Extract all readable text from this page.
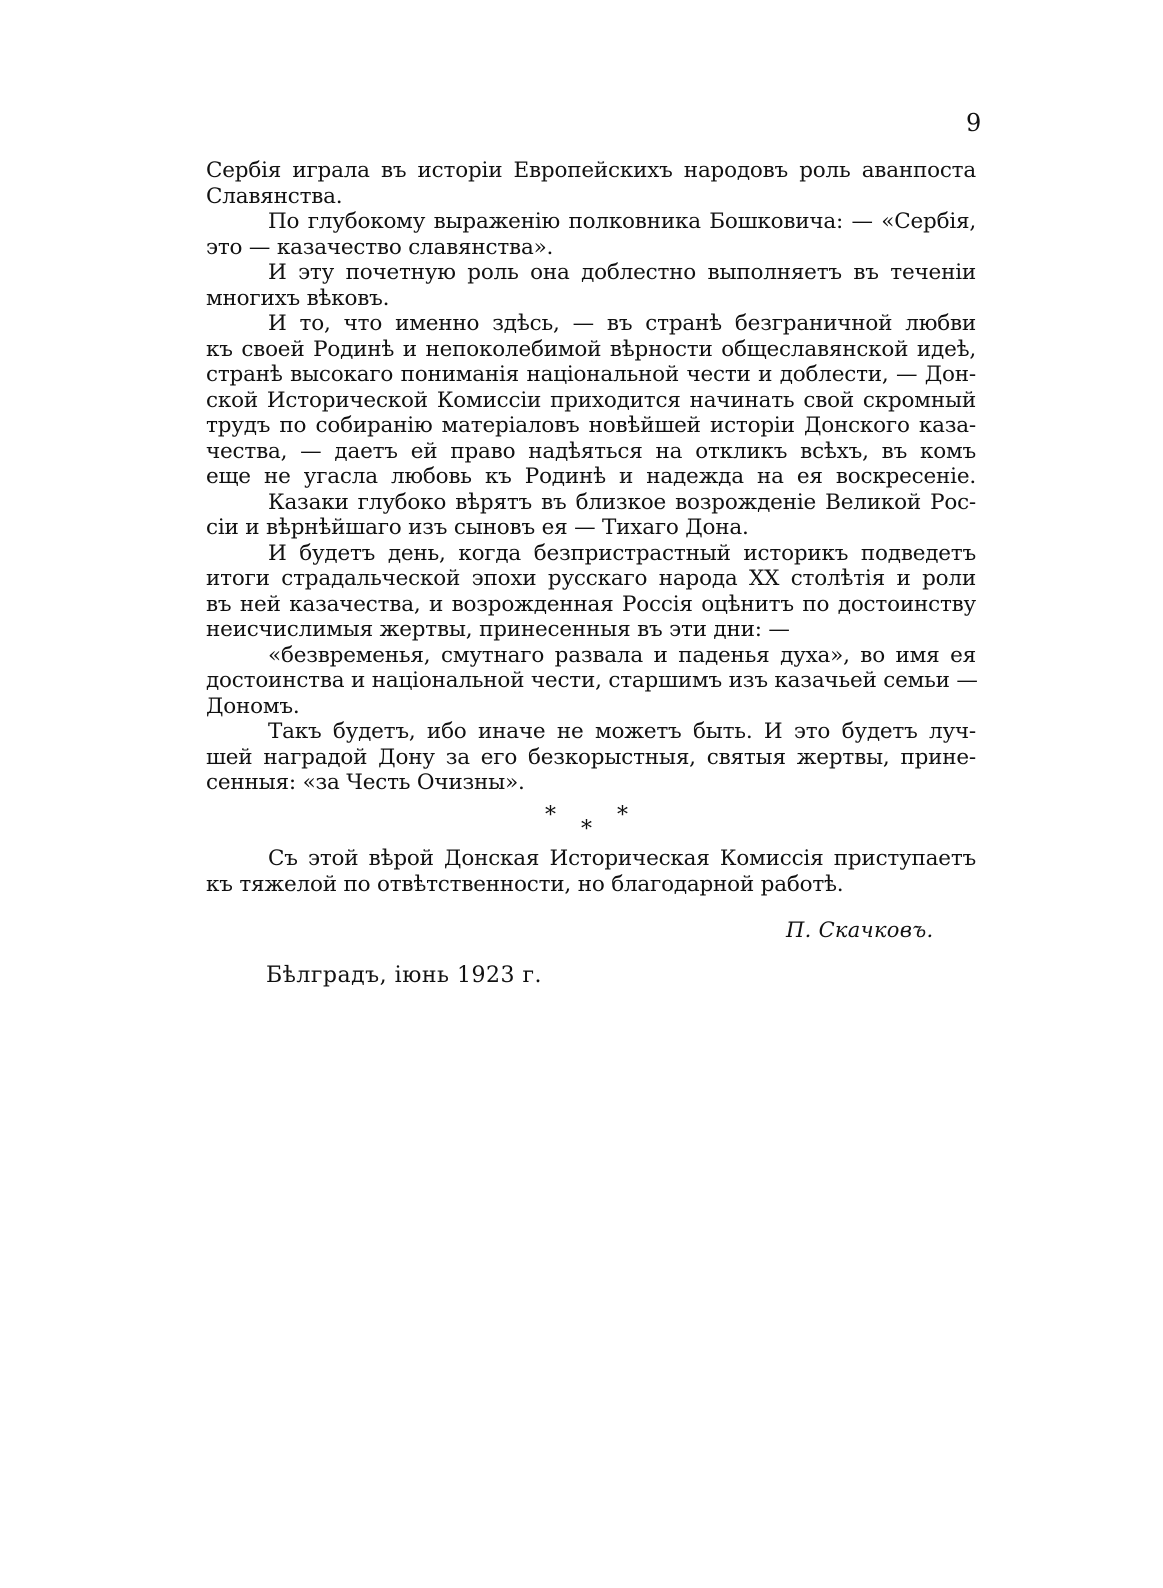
9
Сербія играла въ исторіи Европейскихъ народовъ роль аванпоста
Славянства.
По глубокому выраженію полковника Бошковича: — «Сербія,
это — казачество славянства».
И эту почетную роль она доблестно выполняетъ въ теченіи
многихъ вѣковъ.
И то, что именно здѣсь, — въ странѣ безграничной любви
къ своей Родинѣ и непоколебимой вѣрности общеславянской идеѣ,
странѣ высокаго пониманія національной чести и доблести, — Дон-
ской Исторической Комиссіи приходится начинать свой скромный
трудъ по собиранію матеріаловъ новѣйшей исторіи Донского каза-
чества, — даетъ ей право надѣяться на откликъ всѣхъ, въ комъ
еще не угасла любовь къ Родинѣ и надежда на ея воскресеніе.
Казаки глубоко вѣрятъ въ близкое возрожденіе Великой Рос-
сіи и вѣрнѣйшаго изъ сыновъ ея — Тихаго Дона.
И будетъ день, когда безпристрастный историкъ подведетъ
итоги страдальческой эпохи русскаго народа XX столѣтія и роли
въ ней казачества, и возрожденная Россія оцѣнитъ по достоинству
неисчислимыя жертвы, принесенныя въ эти дни: —
«безвременья, смутнаго развала и паденья духа», во имя ея
достоинства и національной чести, старшимъ изъ казачьей семьи —
Дономъ.
Такъ будетъ, ибо иначе не можетъ быть. И это будетъ луч-
шей наградой Дону за его безкорыстныя, святыя жертвы, прине-
сенныя: «за Честь Очизны».
*
*
*
Съ этой вѣрой Донская Историческая Комиссія приступаетъ
къ тяжелой по отвѣтственности, но благодарной работѣ.
П. Скачковъ.
Бѣлградъ, іюнь 1923 г.
